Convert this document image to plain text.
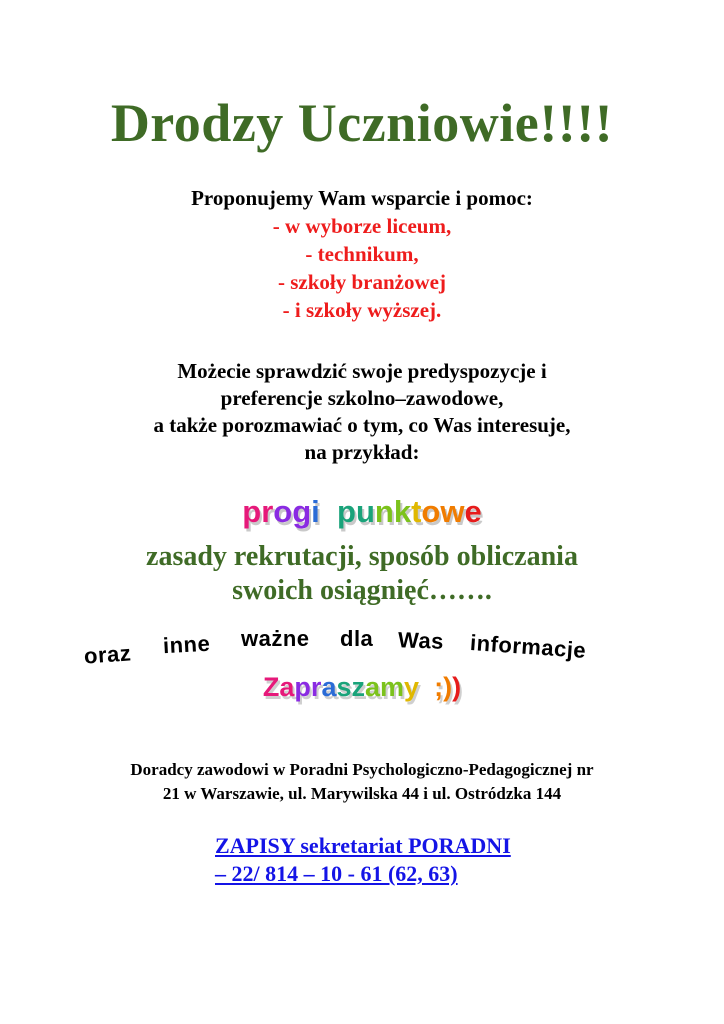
Drodzy Uczniowie!!!!
Proponujemy Wam wsparcie i pomoc:
- w wyborze liceum,
- technikum,
- szkoły branżowej
- i szkoły wyższej.
Możecie sprawdzić swoje predyspozycje i
preferencje szkolno–zawodowe,
a także porozmawiać o tym, co Was interesuje,
na przykład:
progi punktowe
zasady rekrutacji, sposób obliczania
swoich osiągnięć…….
oraz inne ważne dla Was informacje
Zapraszamy ;))
Doradcy zawodowi w Poradni Psychologiczno-Pedagogicznej nr
21 w Warszawie, ul. Marywilska 44 i ul. Ostródzka 144
ZAPISY sekretariat PORADNI
– 22/ 814 – 10 - 61 (62, 63)
